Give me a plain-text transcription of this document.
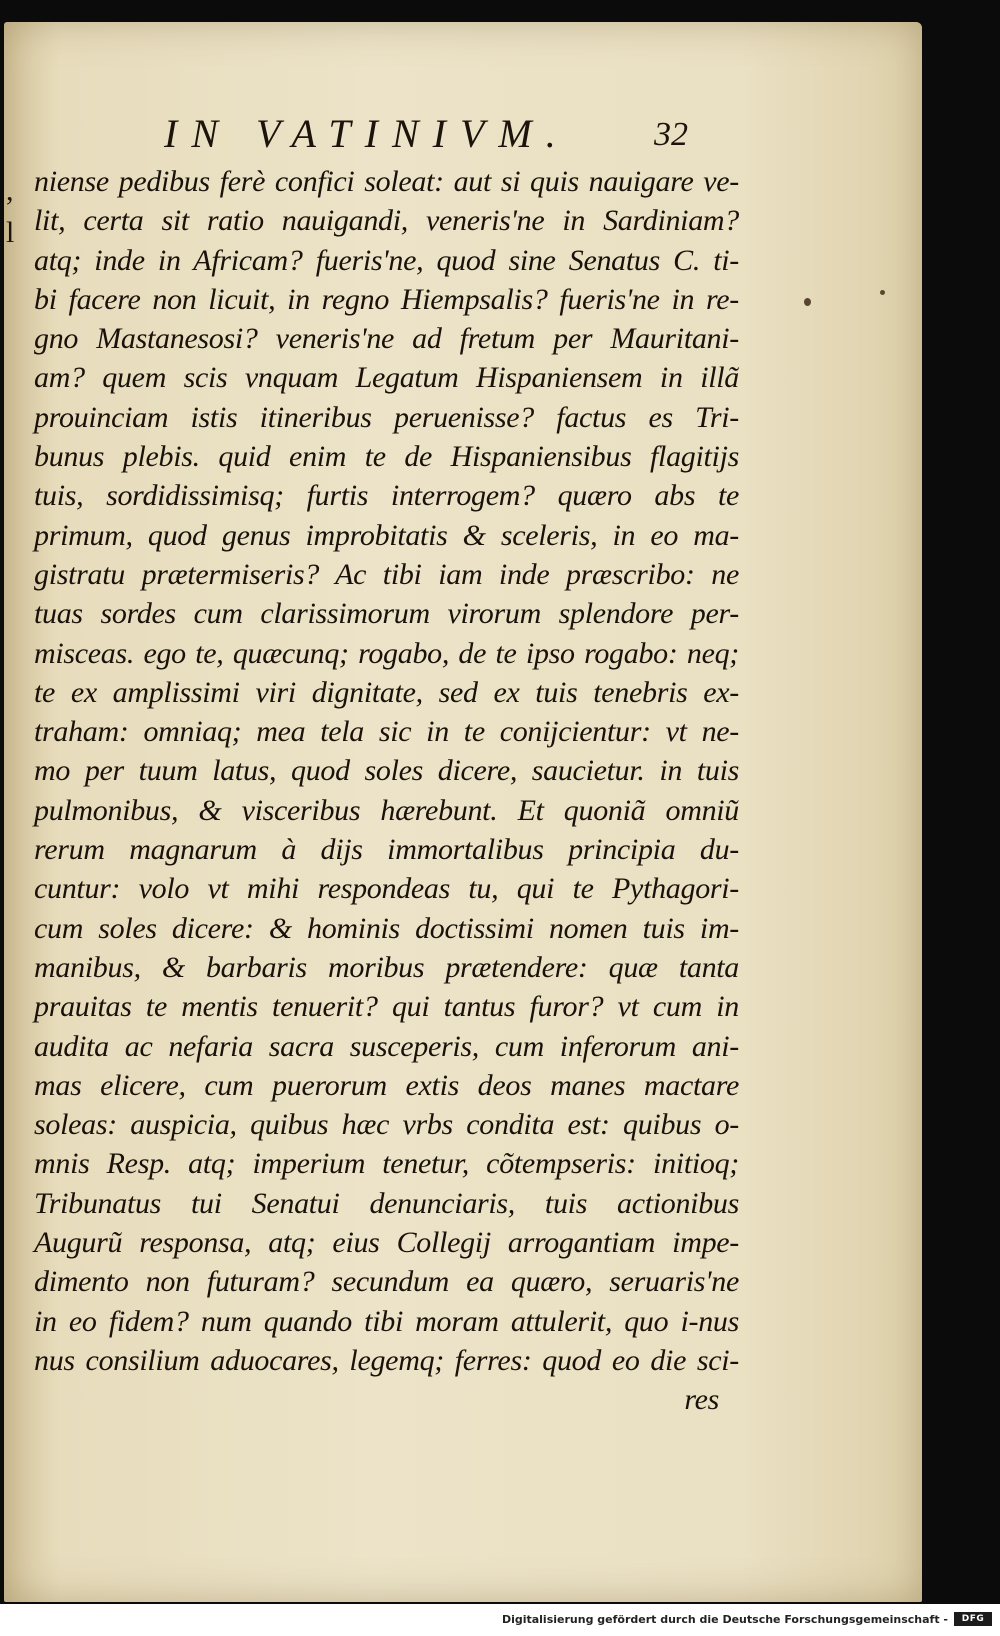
IN VATINIVM. 32
,
l
niense pedibus ferè confici soleat: aut si quis nauigare ve-
lit, certa sit ratio nauigandi, veneris'ne in Sardiniam?
atq; inde in Africam? fueris'ne, quod sine Senatus C. ti-
bi facere non licuit, in regno Hiempsalis? fueris'ne in re-
gno Mastanesosi? veneris'ne ad fretum per Mauritani-
am? quem scis vnquam Legatum Hispaniensem in illã
prouinciam istis itineribus peruenisse? factus es Tri-
bunus plebis. quid enim te de Hispaniensibus flagitijs
tuis, sordidissimisq; furtis interrogem? quæro abs te
primum, quod genus improbitatis & sceleris, in eo ma-
gistratu prætermiseris? Ac tibi iam inde præscribo: ne
tuas sordes cum clarissimorum virorum splendore per-
misceas. ego te, quæcunq; rogabo, de te ipso rogabo: neq;
te ex amplissimi viri dignitate, sed ex tuis tenebris ex-
traham: omniaq; mea tela sic in te conijcientur: vt ne-
mo per tuum latus, quod soles dicere, saucietur. in tuis
pulmonibus, & visceribus hærebunt. Et quoniã omniũ
rerum magnarum à dijs immortalibus principia du-
cuntur: volo vt mihi respondeas tu, qui te Pythagori-
cum soles dicere: & hominis doctissimi nomen tuis im-
manibus, & barbaris moribus prætendere: quæ tanta
prauitas te mentis tenuerit? qui tantus furor? vt cum in
audita ac nefaria sacra susceperis, cum inferorum ani-
mas elicere, cum puerorum extis deos manes mactare
soleas: auspicia, quibus hæc vrbs condita est: quibus o-
mnis Resp. atq; imperium tenetur, cõtempseris: initioq;
Tribunatus tui Senatui denunciaris, tuis actionibus
Augurũ responsa, atq; eius Collegij arrogantiam impe-
dimento non futuram? secundum ea quæro, seruaris'ne
in eo fidem? num quando tibi moram attulerit, quo i-nus
nus consilium aduocares, legemq; ferres: quod eo die sci-
res
Digitalisierung gefördert durch die Deutsche Forschungsgemeinschaft -	DFG
